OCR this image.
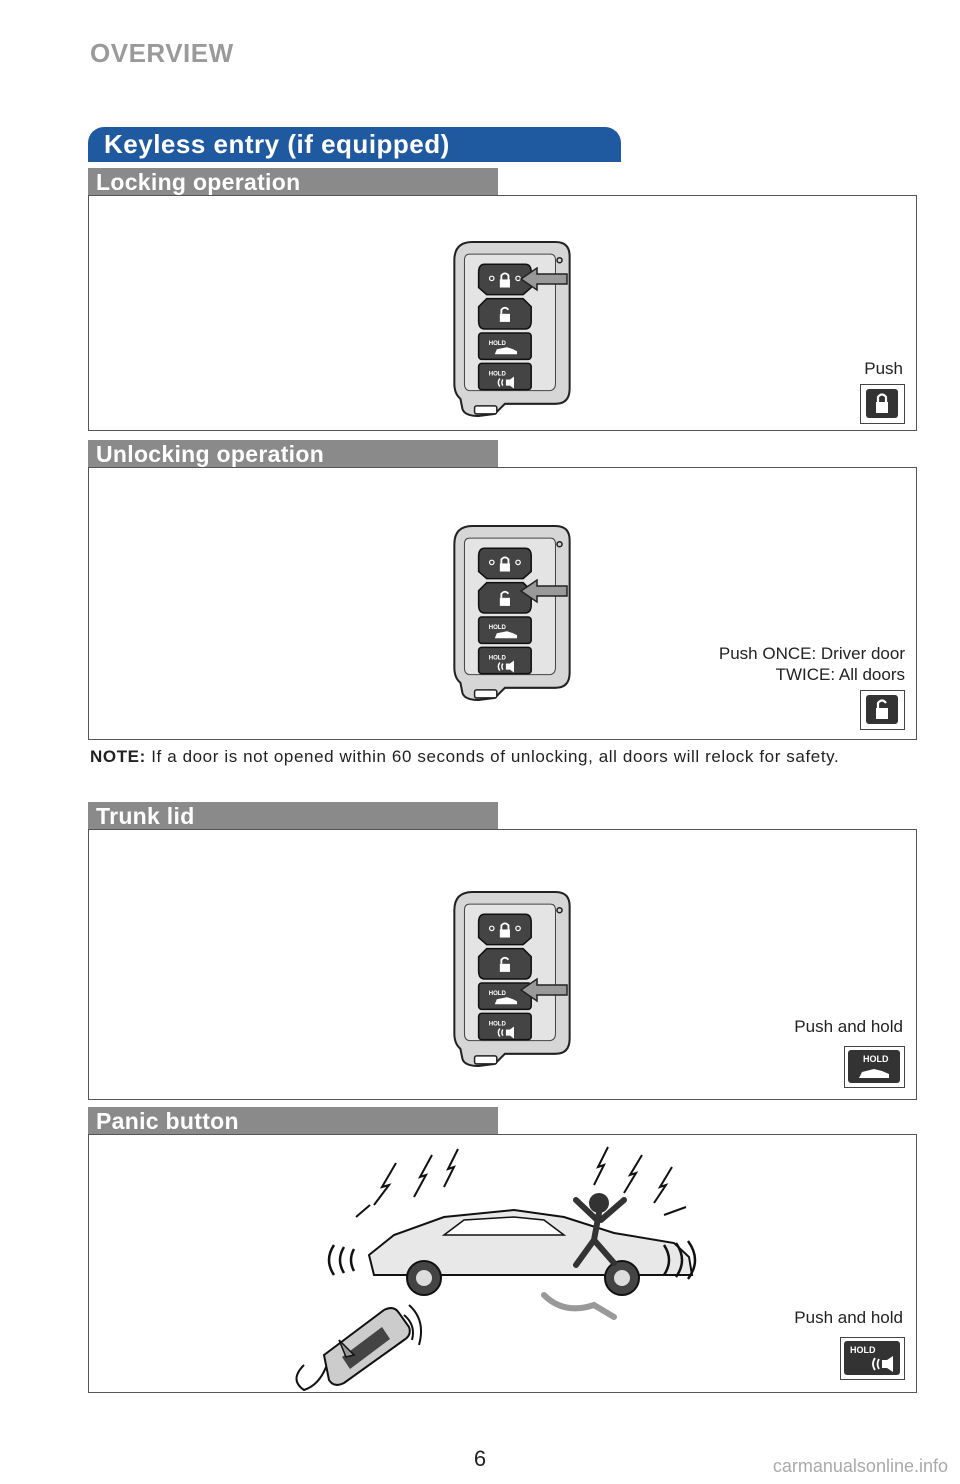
OVERVIEW
Keyless entry (if equipped)
Locking operation
HOLD
HOLD	Push
Unlocking operation
HOLD
HOLD	Push ONCE: Driver door
TWICE: All doors
NOTE: If a door is not opened within 60 seconds of unlocking, all doors will relock for safety.
Trunk lid
HOLD
HOLD	Push and hold
HOLD
Panic button
Push and hold
HOLD
6	carmanualsonline.info
